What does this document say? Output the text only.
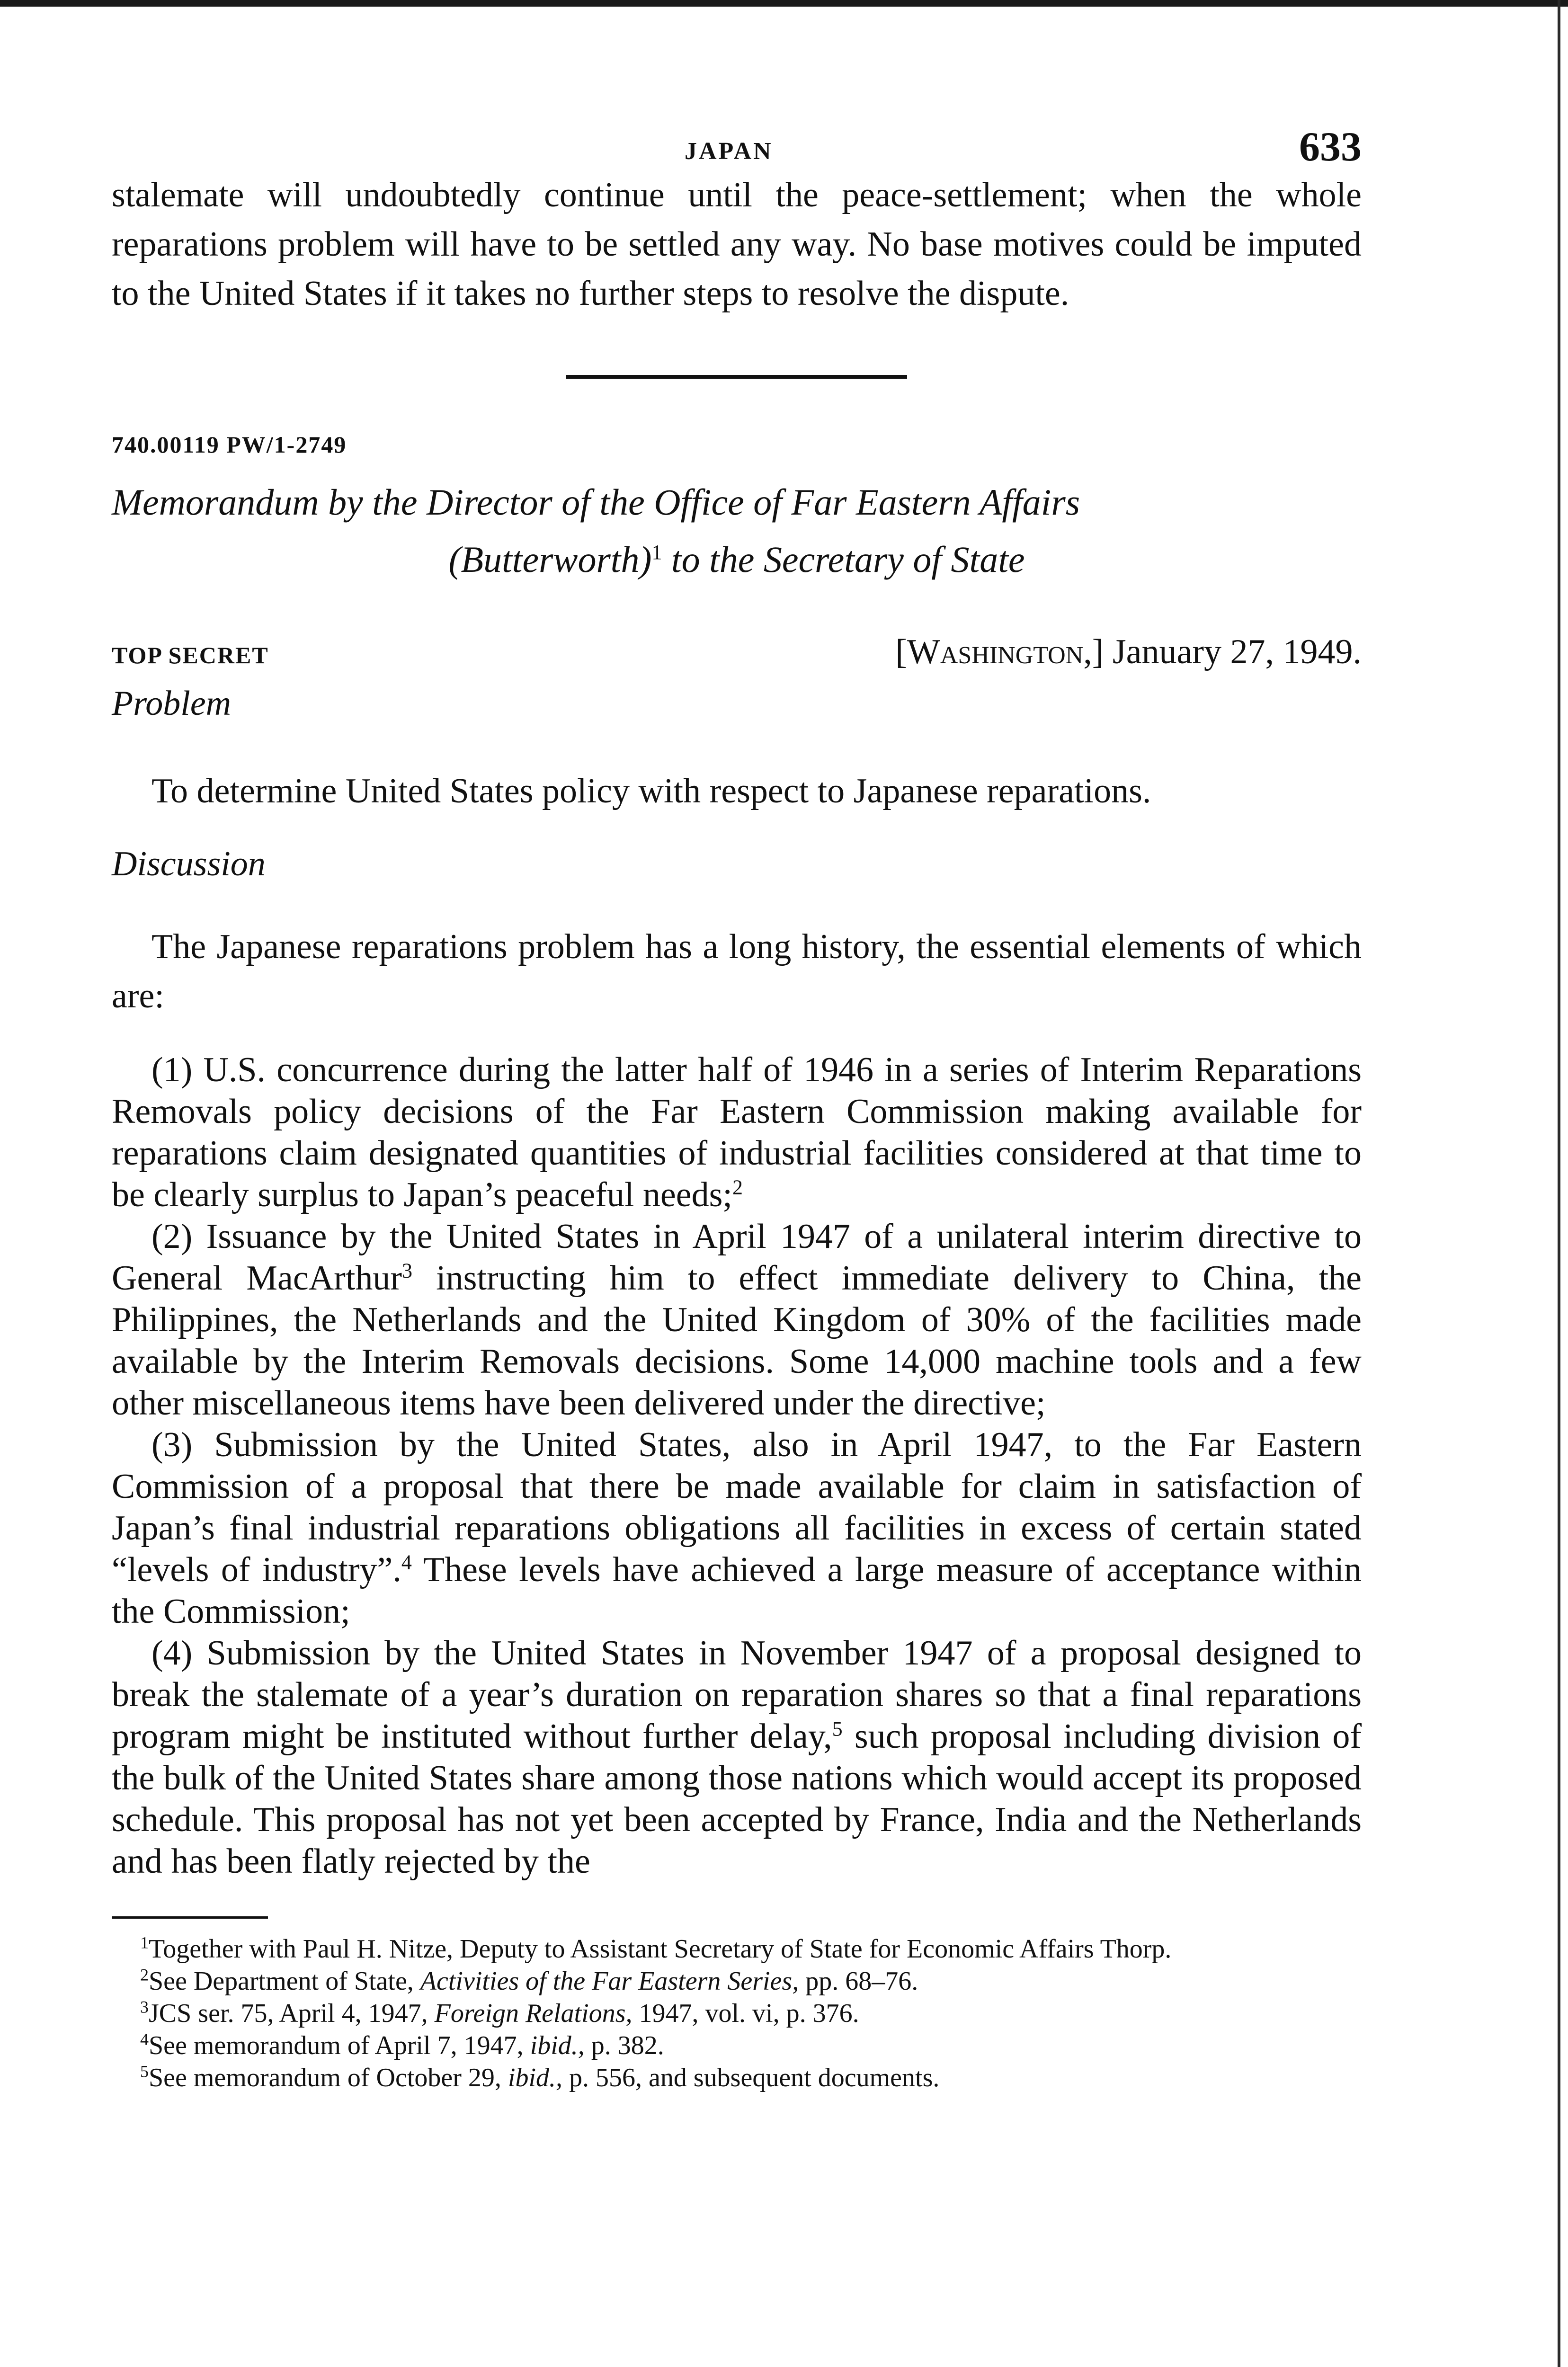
JAPAN	633

stalemate will undoubtedly continue until the peace-settlement; when the whole reparations problem will have to be settled any way. No base motives could be imputed to the United States if it takes no further steps to resolve the dispute.

740.00119 PW/1-2749

Memorandum by the Director of the Office of Far Eastern Affairs
(Butterworth)$^1$ to the Secretary of State
TOP SECRET	[Washington,] January 27, 1949.
Problem

To determine United States policy with respect to Japanese reparations.

Discussion

The Japanese reparations problem has a long history, the essential elements of which are:

(1) U.S. concurrence during the latter half of 1946 in a series of Interim Reparations Removals policy decisions of the Far Eastern Commission making available for reparations claim designated quantities of industrial facilities considered at that time to be clearly surplus to Japan’s peaceful needs;$^2$

(2) Issuance by the United States in April 1947 of a unilateral interim directive to General MacArthur$^3$ instructing him to effect immediate delivery to China, the Philippines, the Netherlands and the United Kingdom of 30% of the facilities made available by the Interim Removals decisions. Some 14,000 machine tools and a few other miscellaneous items have been delivered under the directive;

(3) Submission by the United States, also in April 1947, to the Far Eastern Commission of a proposal that there be made available for claim in satisfaction of Japan’s final industrial reparations obligations all facilities in excess of certain stated “levels of industry”.$^4$ These levels have achieved a large measure of acceptance within the Commission;

(4) Submission by the United States in November 1947 of a proposal designed to break the stalemate of a year’s duration on reparation shares so that a final reparations program might be instituted without further delay,$^5$ such proposal including division of the bulk of the United States share among those nations which would accept its proposed schedule. This proposal has not yet been accepted by France, India and the Netherlands and has been flatly rejected by the

$^1$Together with Paul H. Nitze, Deputy to Assistant Secretary of State for Economic Affairs Thorp.

$^2$See Department of State, Activities of the Far Eastern Series, pp. 68–76.

$^3$JCS ser. 75, April 4, 1947, Foreign Relations, 1947, vol. vi, p. 376.

$^4$See memorandum of April 7, 1947, ibid., p. 382.

$^5$See memorandum of October 29, ibid., p. 556, and subsequent documents.
